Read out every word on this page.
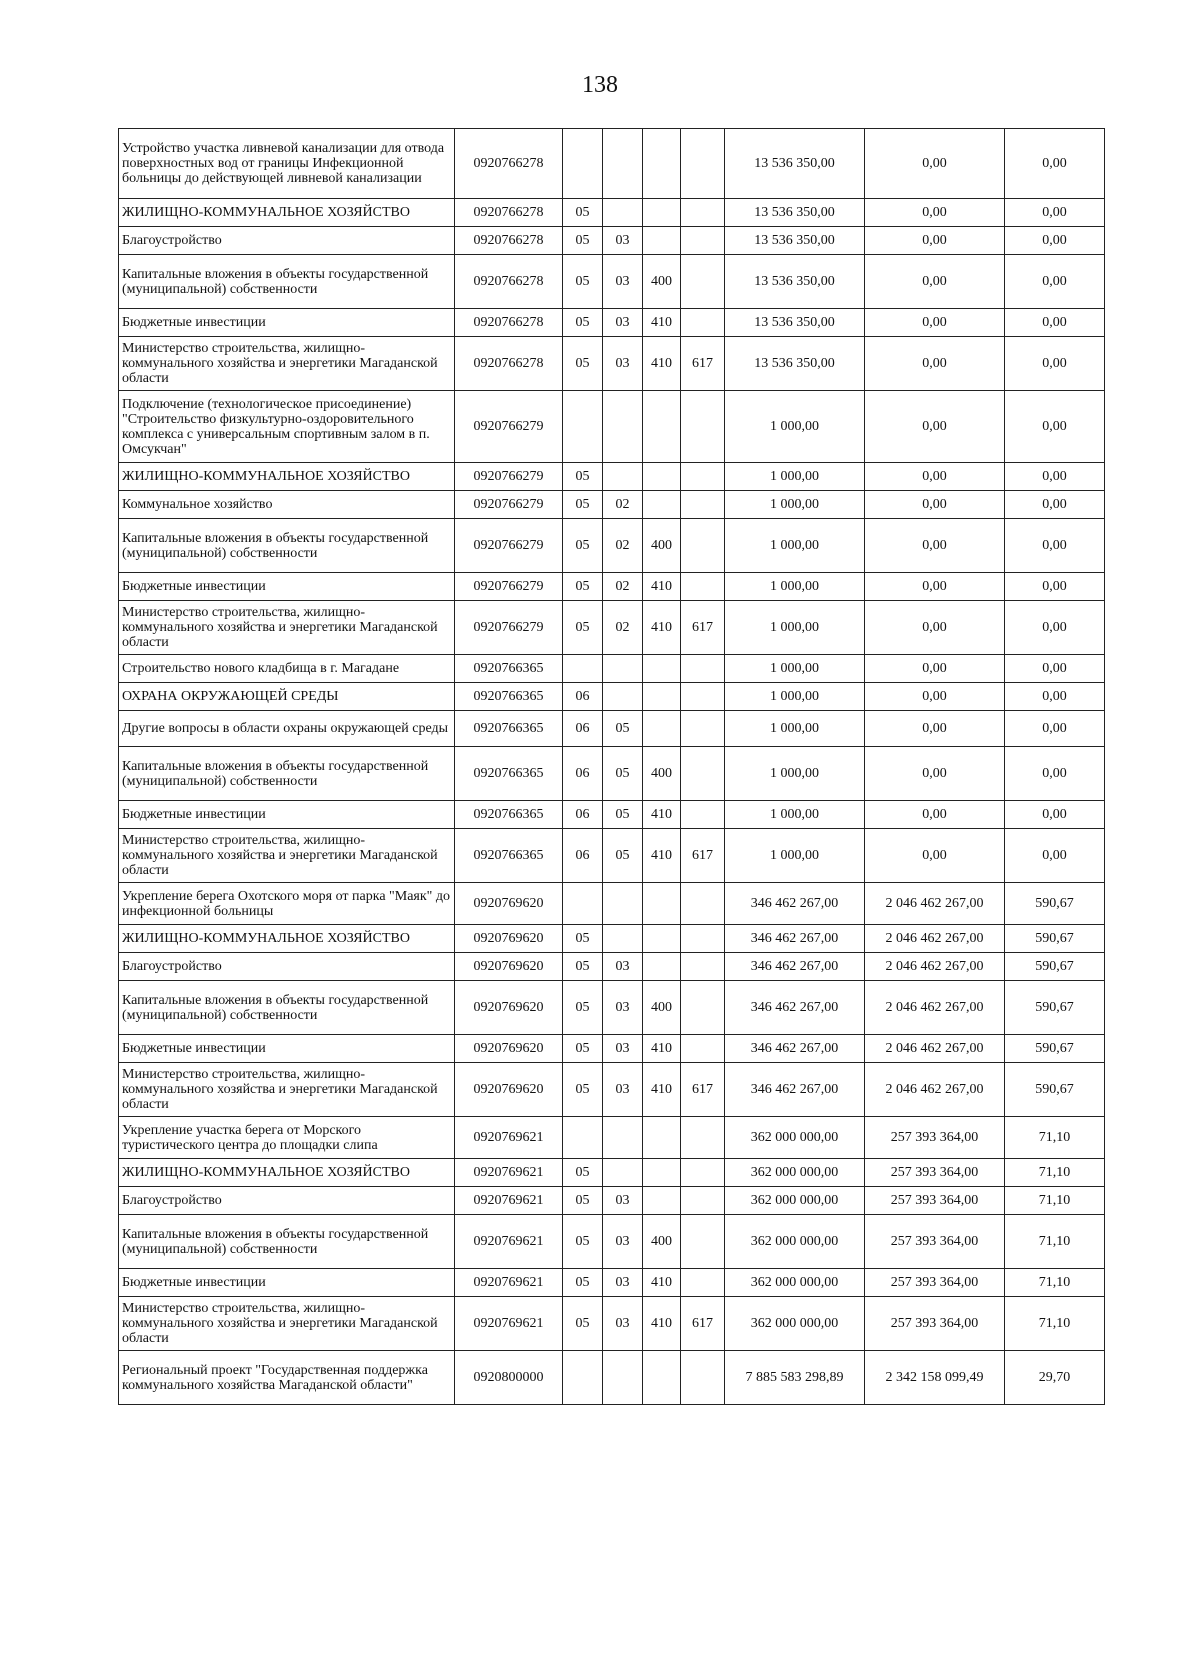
138
Устройство участка ливневой канализации для отвода поверхностных вод от границы Инфекционной больницы до действующей ливневой канализации	0920766278					13 536 350,00	0,00	0,00
ЖИЛИЩНО-КОММУНАЛЬНОЕ ХОЗЯЙСТВО	0920766278	05				13 536 350,00	0,00	0,00
Благоустройство	0920766278	05	03			13 536 350,00	0,00	0,00
Капитальные вложения в объекты государственной (муниципальной) собственности	0920766278	05	03	400		13 536 350,00	0,00	0,00
Бюджетные инвестиции	0920766278	05	03	410		13 536 350,00	0,00	0,00
Министерство строительства, жилищно-коммунального хозяйства и энергетики Магаданской области	0920766278	05	03	410	617	13 536 350,00	0,00	0,00
Подключение (технологическое присоединение) "Строительство физкультурно-оздоровительного комплекса с универсальным спортивным залом в п. Омсукчан"	0920766279					1 000,00	0,00	0,00
ЖИЛИЩНО-КОММУНАЛЬНОЕ ХОЗЯЙСТВО	0920766279	05				1 000,00	0,00	0,00
Коммунальное хозяйство	0920766279	05	02			1 000,00	0,00	0,00
Капитальные вложения в объекты государственной (муниципальной) собственности	0920766279	05	02	400		1 000,00	0,00	0,00
Бюджетные инвестиции	0920766279	05	02	410		1 000,00	0,00	0,00
Министерство строительства, жилищно-коммунального хозяйства и энергетики Магаданской области	0920766279	05	02	410	617	1 000,00	0,00	0,00
Строительство нового кладбища в г. Магадане	0920766365					1 000,00	0,00	0,00
ОХРАНА ОКРУЖАЮЩЕЙ СРЕДЫ	0920766365	06				1 000,00	0,00	0,00
Другие вопросы в области охраны окружающей среды	0920766365	06	05			1 000,00	0,00	0,00
Капитальные вложения в объекты государственной (муниципальной) собственности	0920766365	06	05	400		1 000,00	0,00	0,00
Бюджетные инвестиции	0920766365	06	05	410		1 000,00	0,00	0,00
Министерство строительства, жилищно-коммунального хозяйства и энергетики Магаданской области	0920766365	06	05	410	617	1 000,00	0,00	0,00
Укрепление берега Охотского моря от парка "Маяк" до инфекционной больницы	0920769620					346 462 267,00	2 046 462 267,00	590,67
ЖИЛИЩНО-КОММУНАЛЬНОЕ ХОЗЯЙСТВО	0920769620	05				346 462 267,00	2 046 462 267,00	590,67
Благоустройство	0920769620	05	03			346 462 267,00	2 046 462 267,00	590,67
Капитальные вложения в объекты государственной (муниципальной) собственности	0920769620	05	03	400		346 462 267,00	2 046 462 267,00	590,67
Бюджетные инвестиции	0920769620	05	03	410		346 462 267,00	2 046 462 267,00	590,67
Министерство строительства, жилищно-коммунального хозяйства и энергетики Магаданской области	0920769620	05	03	410	617	346 462 267,00	2 046 462 267,00	590,67
Укрепление участка берега от Морского туристического центра до площадки слипа	0920769621					362 000 000,00	257 393 364,00	71,10
ЖИЛИЩНО-КОММУНАЛЬНОЕ ХОЗЯЙСТВО	0920769621	05				362 000 000,00	257 393 364,00	71,10
Благоустройство	0920769621	05	03			362 000 000,00	257 393 364,00	71,10
Капитальные вложения в объекты государственной (муниципальной) собственности	0920769621	05	03	400		362 000 000,00	257 393 364,00	71,10
Бюджетные инвестиции	0920769621	05	03	410		362 000 000,00	257 393 364,00	71,10
Министерство строительства, жилищно-коммунального хозяйства и энергетики Магаданской области	0920769621	05	03	410	617	362 000 000,00	257 393 364,00	71,10
Региональный проект "Государственная поддержка коммунального хозяйства Магаданской области"	0920800000					7 885 583 298,89	2 342 158 099,49	29,70
